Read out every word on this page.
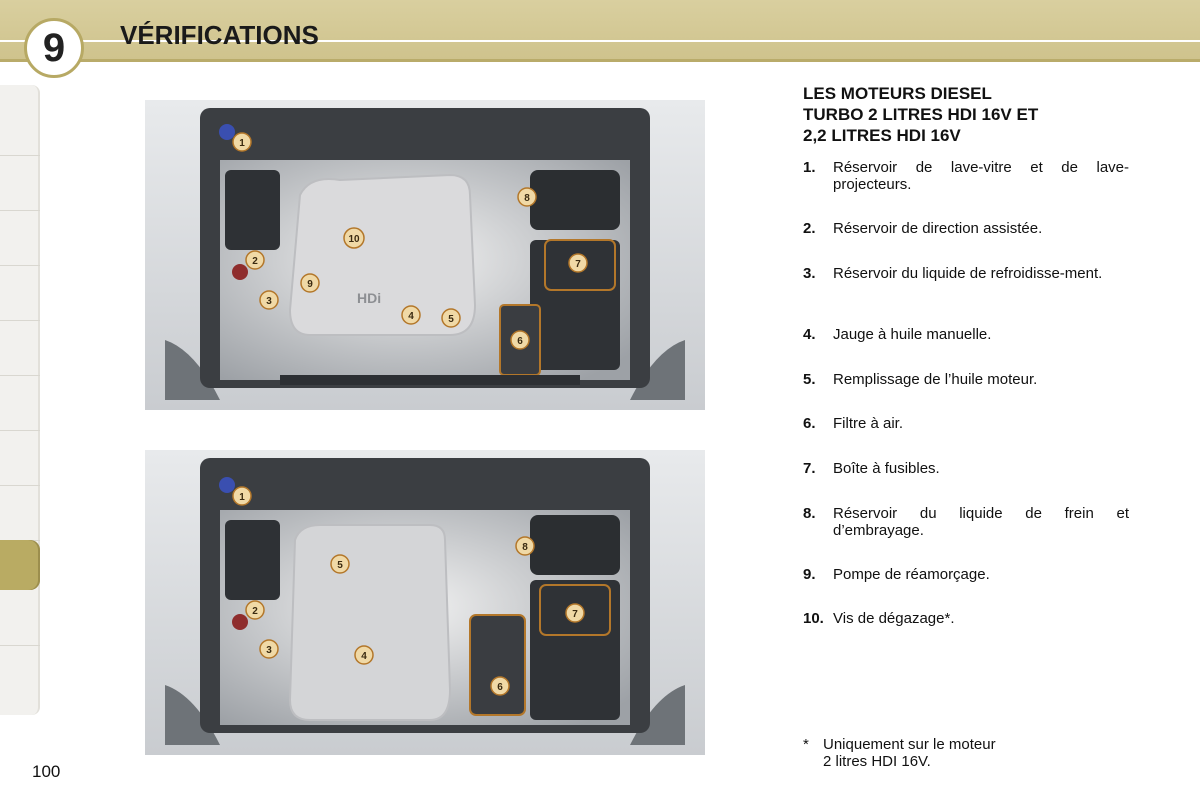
9	VÉRIFICATIONS
HDi
1
2
3
4	5
6
7
8
9
10
1
2
3
4
5
6
7
8
LES MOTEURS DIESEL
TURBO 2 LITRES HDI 16V ET
2,2 LITRES HDI 16V
1.	Réservoir de lave-vitre et de lave-projecteurs.
2.	Réservoir de direction assistée.
3.	Réservoir du liquide de refroidisse-ment.
4.	Jauge à huile manuelle.
5.	Remplissage de l’huile moteur.
6.	Filtre à air.
7.	Boîte à fusibles.
8.	Réservoir du liquide de frein et d’embrayage.
9.	Pompe de réamorçage.
10. Vis de dégazage*.
* Uniquement sur le moteur
2 litres HDI 16V.
100
